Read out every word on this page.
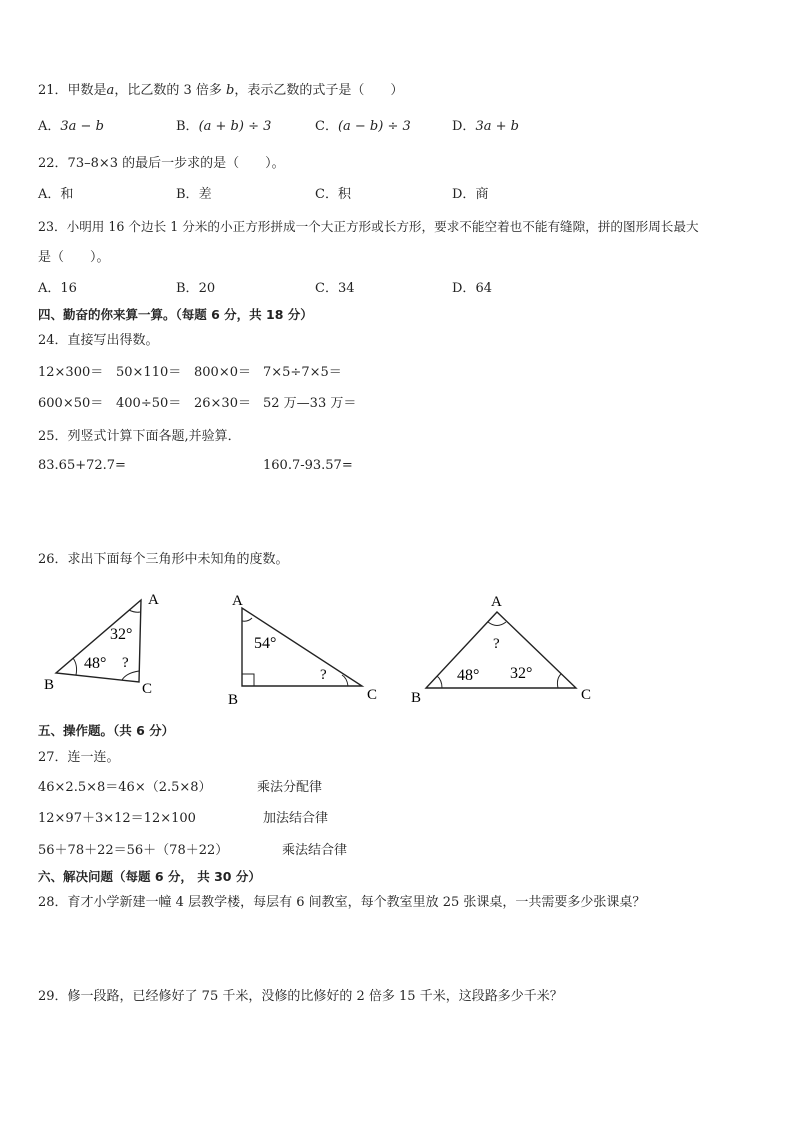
21．甲数是a，比乙数的 3 倍多 b，表示乙数的式子是（　　）
A．3a − b	B．(a + b) ÷ 3	C．(a − b) ÷ 3	D．3a + b
22．73–8×3 的最后一步求的是（　　）。
A．和	B．差	C．积	D．商
23．小明用 16 个边长 1 分米的小正方形拼成一个大正方形或长方形，要求不能空着也不能有缝隙，拼的图形周长最大
是（　　）。
A．16	B．20	C．34	D．64
四、勤奋的你来算一算。（每题 6 分，共 18 分）
24．直接写出得数。
12×300＝ 50×110＝ 800×0＝ 7×5÷7×5＝
600×50＝ 400÷50＝ 26×30＝ 52 万—33 万＝
25．列竖式计算下面各题,并验算．
83.65+72.7=	160.7-93.57=
26．求出下面每个三角形中未知角的度数。
A
B	C
32°
48° ?
A
B	C
54°
?
A
B	C
?
48° 32°
五、操作题。（共 6 分）
27．连一连。
46×2.5×8＝46×（2.5×8）	乘法分配律
12×97＋3×12＝12×100	加法结合律
56＋78＋22＝56＋（78＋22）	乘法结合律
六、解决问题（每题 6 分， 共 30 分）
28．育才小学新建一幢 4 层教学楼，每层有 6 间教室，每个教室里放 25 张课桌，一共需要多少张课桌？
29．修一段路，已经修好了 75 千米，没修的比修好的 2 倍多 15 千米，这段路多少千米？
